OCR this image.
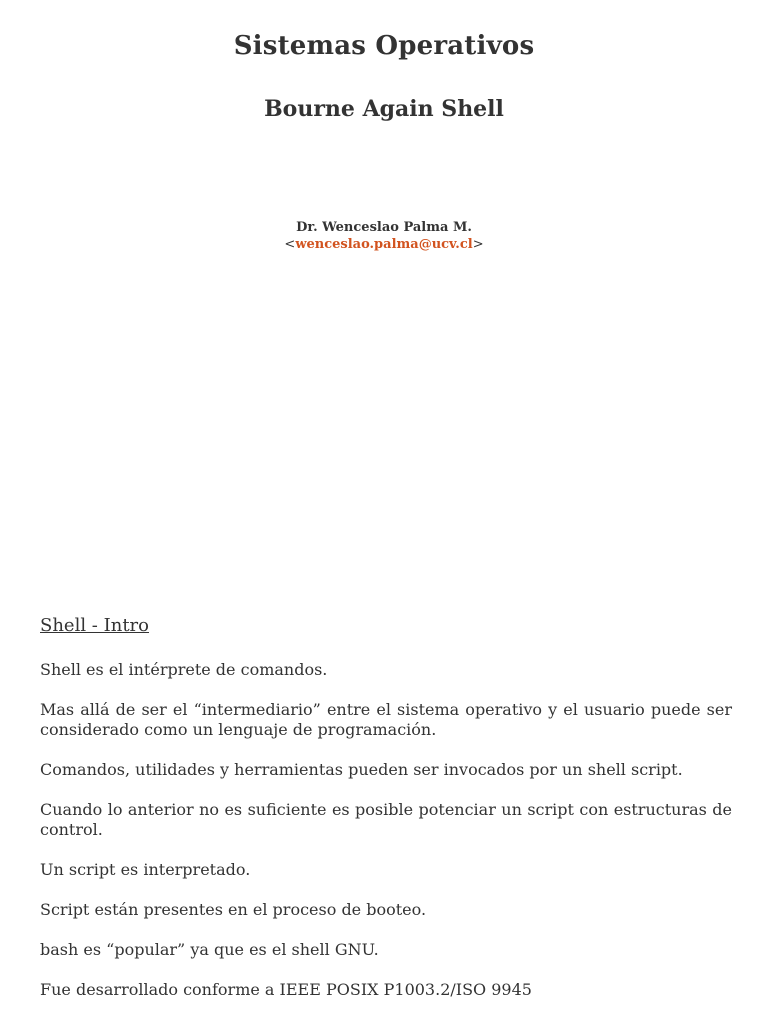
Sistemas Operativos
Bourne Again Shell
Dr. Wenceslao Palma M.
<wenceslao.palma@ucv.cl>
Shell - Intro

Shell es el intérprete de comandos.

Mas allá de ser el “intermediario” entre el sistema operativo y el usuario puede ser considerado como un lenguaje de programación.

Comandos, utilidades y herramientas pueden ser invocados por un shell script.

Cuando lo anterior no es suficiente es posible potenciar un script con estructuras de control.

Un script es interpretado.

Script están presentes en el proceso de booteo.

bash es “popular” ya que es el shell GNU.

Fue desarrollado conforme a IEEE POSIX P1003.2/ISO 9945
